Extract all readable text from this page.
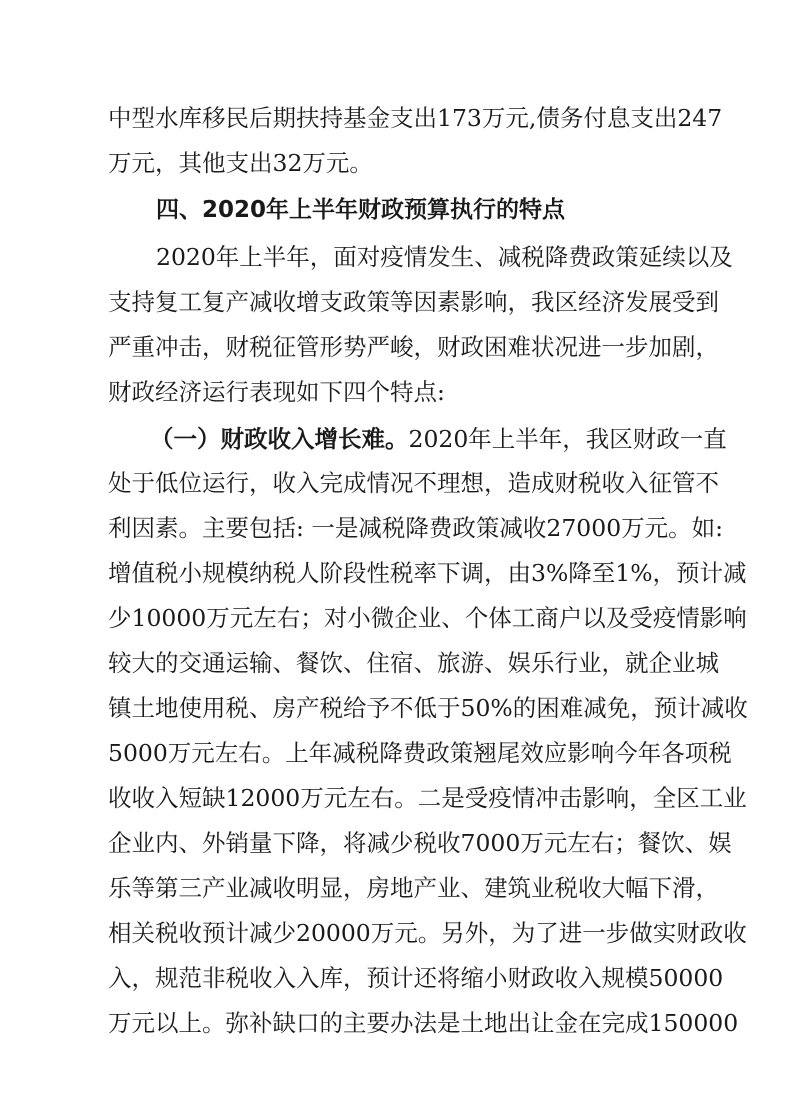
中型水库移民后期扶持基金支出173万元,债务付息支出247
万元，其他支出32万元。
四、2020年上半年财政预算执行的特点
2020年上半年，面对疫情发生、减税降费政策延续以及
支持复工复产减收增支政策等因素影响，我区经济发展受到
严重冲击，财税征管形势严峻，财政困难状况进一步加剧，
财政经济运行表现如下四个特点:
（一）财政收入增长难。2020年上半年，我区财政一直
处于低位运行，收入完成情况不理想，造成财税收入征管不
利因素。主要包括: 一是减税降费政策减收27000万元。如:
增值税小规模纳税人阶段性税率下调，由3%降至1%，预计减
少10000万元左右；对小微企业、个体工商户以及受疫情影响
较大的交通运输、餐饮、住宿、旅游、娱乐行业，就企业城
镇土地使用税、房产税给予不低于50%的困难减免，预计减收
5000万元左右。上年减税降费政策翘尾效应影响今年各项税
收收入短缺12000万元左右。二是受疫情冲击影响，全区工业
企业内、外销量下降，将减少税收7000万元左右；餐饮、娱
乐等第三产业减收明显，房地产业、建筑业税收大幅下滑，
相关税收预计减少20000万元。另外，为了进一步做实财政收
入，规范非税收入入库，预计还将缩小财政收入规模50000
万元以上。弥补缺口的主要办法是土地出让金在完成150000
